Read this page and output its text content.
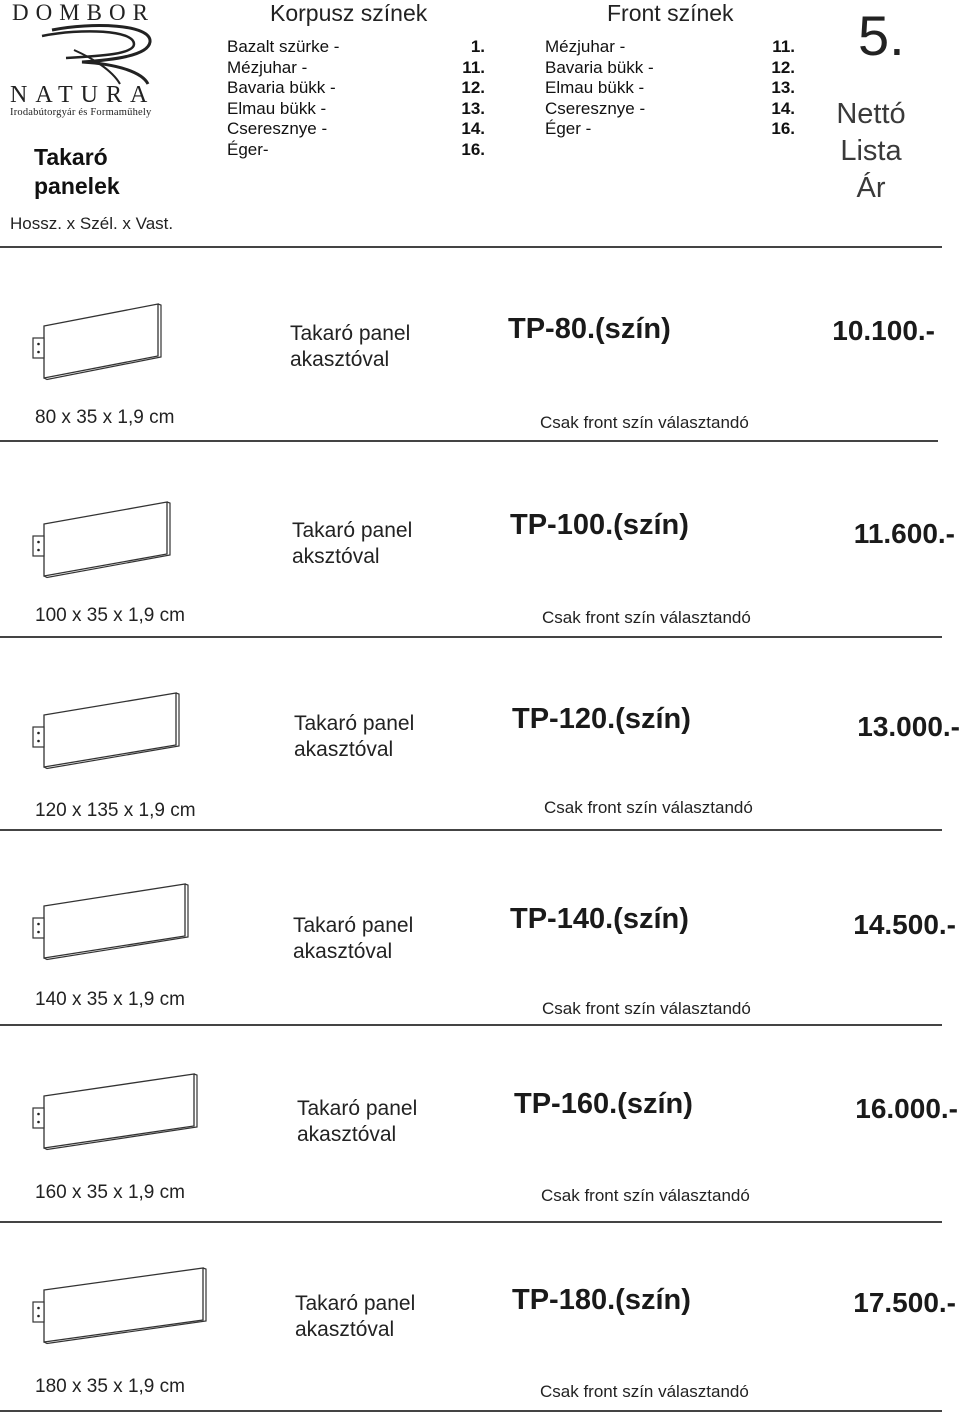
DOMBOR
NATURA
Irodabútorgyár és Formaműhely
Takaró
panelek
Hossz. x Szél. x Vast.
Korpusz színek
Bazalt szürke -	1.
Mézjuhar -	11.
Bavaria bükk -	12.
Elmau bükk -	13.
Cseresznye -	14.
Éger-	16.
Front színek
Mézjuhar -	11.
Bavaria bükk -	12.
Elmau bükk -	13.
Cseresznye -	14.
Éger -	16.
5.
Nettó
Lista
Ár
Takaró panel
akasztóval
TP-80.(szín)	10.100.-
80 x 35 x 1,9 cm	Csak front szín választandó
Takaró panel
aksztóval
TP-100.(szín)	11.600.-
100 x 35 x 1,9 cm	Csak front szín választandó
Takaró panel
akasztóval
TP-120.(szín)	13.000.-
120 x 135 x 1,9 cm	Csak front szín választandó
Takaró panel
akasztóval
TP-140.(szín)	14.500.-
140 x 35 x 1,9 cm	Csak front szín választandó
Takaró panel
akasztóval
TP-160.(szín)	16.000.-
160 x 35 x 1,9 cm	Csak front szín választandó
Takaró panel
akasztóval
TP-180.(szín)	17.500.-
180 x 35 x 1,9 cm	Csak front szín választandó
